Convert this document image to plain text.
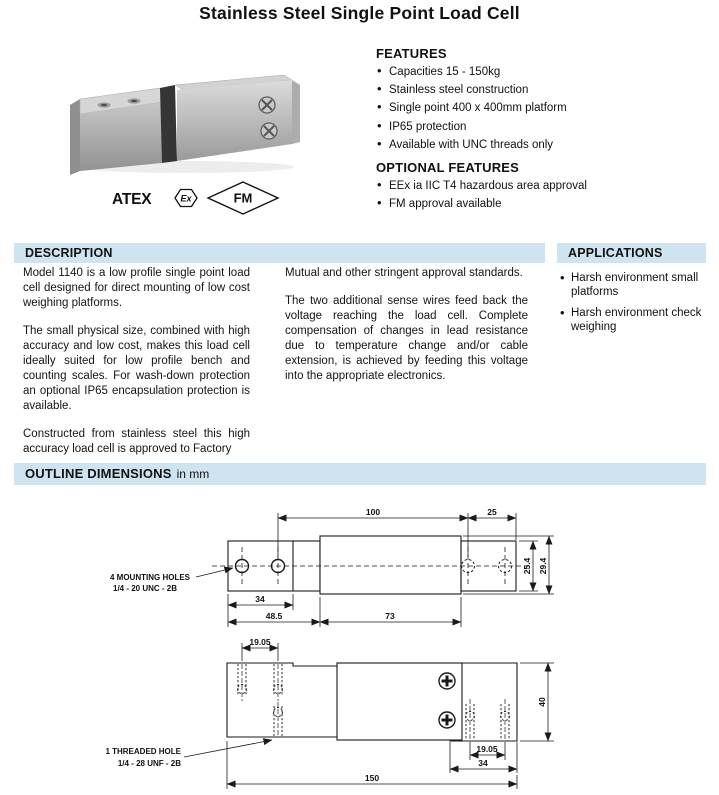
Stainless Steel Single Point Load Cell
ATEX	Ex	FM
FEATURES
• Capacities 15 - 150kg
• Stainless steel construction
• Single point 400 x 400mm platform
• IP65 protection
• Available with UNC threads only
OPTIONAL FEATURES
• EEx ia IIC T4 hazardous area approval
• FM approval available
DESCRIPTION	APPLICATIONS

Model 1140 is a low profile single point load cell designed for direct mounting of low cost weighing platforms.

The small physical size, combined with high accuracy and low cost, makes this load cell ideally suited for low profile bench and counting scales. For wash-down protection an optional IP65 encapsulation protection is available.

Constructed from stainless steel this high accuracy load cell is approved to Factory

Mutual and other stringent approval standards.

The two additional sense wires feed back the voltage reaching the load cell. Complete compensation of changes in lead resistance due to temperature change and/or cable extension, is achieved by feeding this voltage into the appropriate electronics.

• Harsh environment small platforms
• Harsh environment check weighing
OUTLINE DIMENSIONS in mm
100	25
25.4 29.4
34
48.5	73
4 MOUNTING HOLES
1/4 - 20 UNC - 2B
19.05
40
19.05
34
150
1 THREADED HOLE
1/4 - 28 UNF - 2B
